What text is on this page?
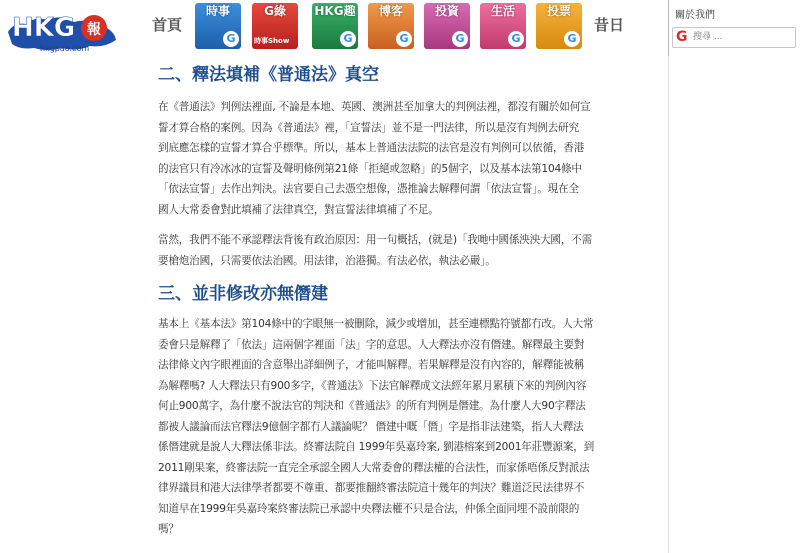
HKG 報
hkgpao.com
首頁
時事
G
G綠
時事Show
HKG趣
G
博客
G
投資
G
生活
G
投票
G
昔日
關於我們
G
搜尋 ...
二、釋法填補《普通法》真空

在《普通法》判例法裡面, 不論是本地、英國、澳洲甚至加拿大的判例法裡，都沒有關於如何宣
誓才算合格的案例。因為《普通法》裡，「宣誓法」並不是一門法律，所以是沒有判例去研究
到底應怎樣的宣誓才算合乎標準。所以，基本上普通法法院的法官是沒有判例可以依循，香港
的法官只有冷冰冰的宣誓及聲明條例第21條「拒絕或忽略」的5個字，以及基本法第104條中
「依法宣誓」去作出判決。法官要自己去憑空想像，憑推論去解釋何謂「依法宣誓」。現在全
國人大常委會對此填補了法律真空，對宣誓法律填補了不足。

當然，我們不能不承認釋法背後有政治原因：用一句概括，(就是)「我哋中國係泱泱大國，不需
要槍炮治國，只需要依法治國。用法律，治港獨。有法必依，執法必嚴」。

三、並非修改亦無僭建

基本上《基本法》第104條中的字眼無一被刪除，減少或增加，甚至連標點符號都冇改。人大常
委會只是解釋了「依法」這兩個字裡面「法」字的意思。人大釋法亦沒有僭建。解釋最主要對
法律條文內字眼裡面的含意舉出詳細例子，才能叫解釋。若果解釋是沒有內容的，解釋能被稱
為解釋嗎? 人大釋法只有900多字，《普通法》下法官解釋成文法經年累月累積下來的判例內容
何止900萬字，為什麼不說法官的判決和《普通法》的所有判例是僭建。為什麼人大90字釋法
都被人議論而法官釋法9億個字都冇人議論呢？ 僭建中嘅「僭」字是指非法建築，指人大釋法
係僭建就是說人大釋法係非法。終審法院自 1999年吳嘉玲案, 劉港榕案到2001年莊豐源案，到
2011剛果案，終審法院一直完全承認全國人大常委會的釋法權的合法性，而家係唔係反對派法
律界議員和港大法律學者都要不尊重、都要推翻終審法院這十幾年的判決？難道泛民法律界不
知道早在1999年吳嘉玲案終審法院已承認中央釋法權不只是合法，仲係全面同埋不設前限的
嗎？
